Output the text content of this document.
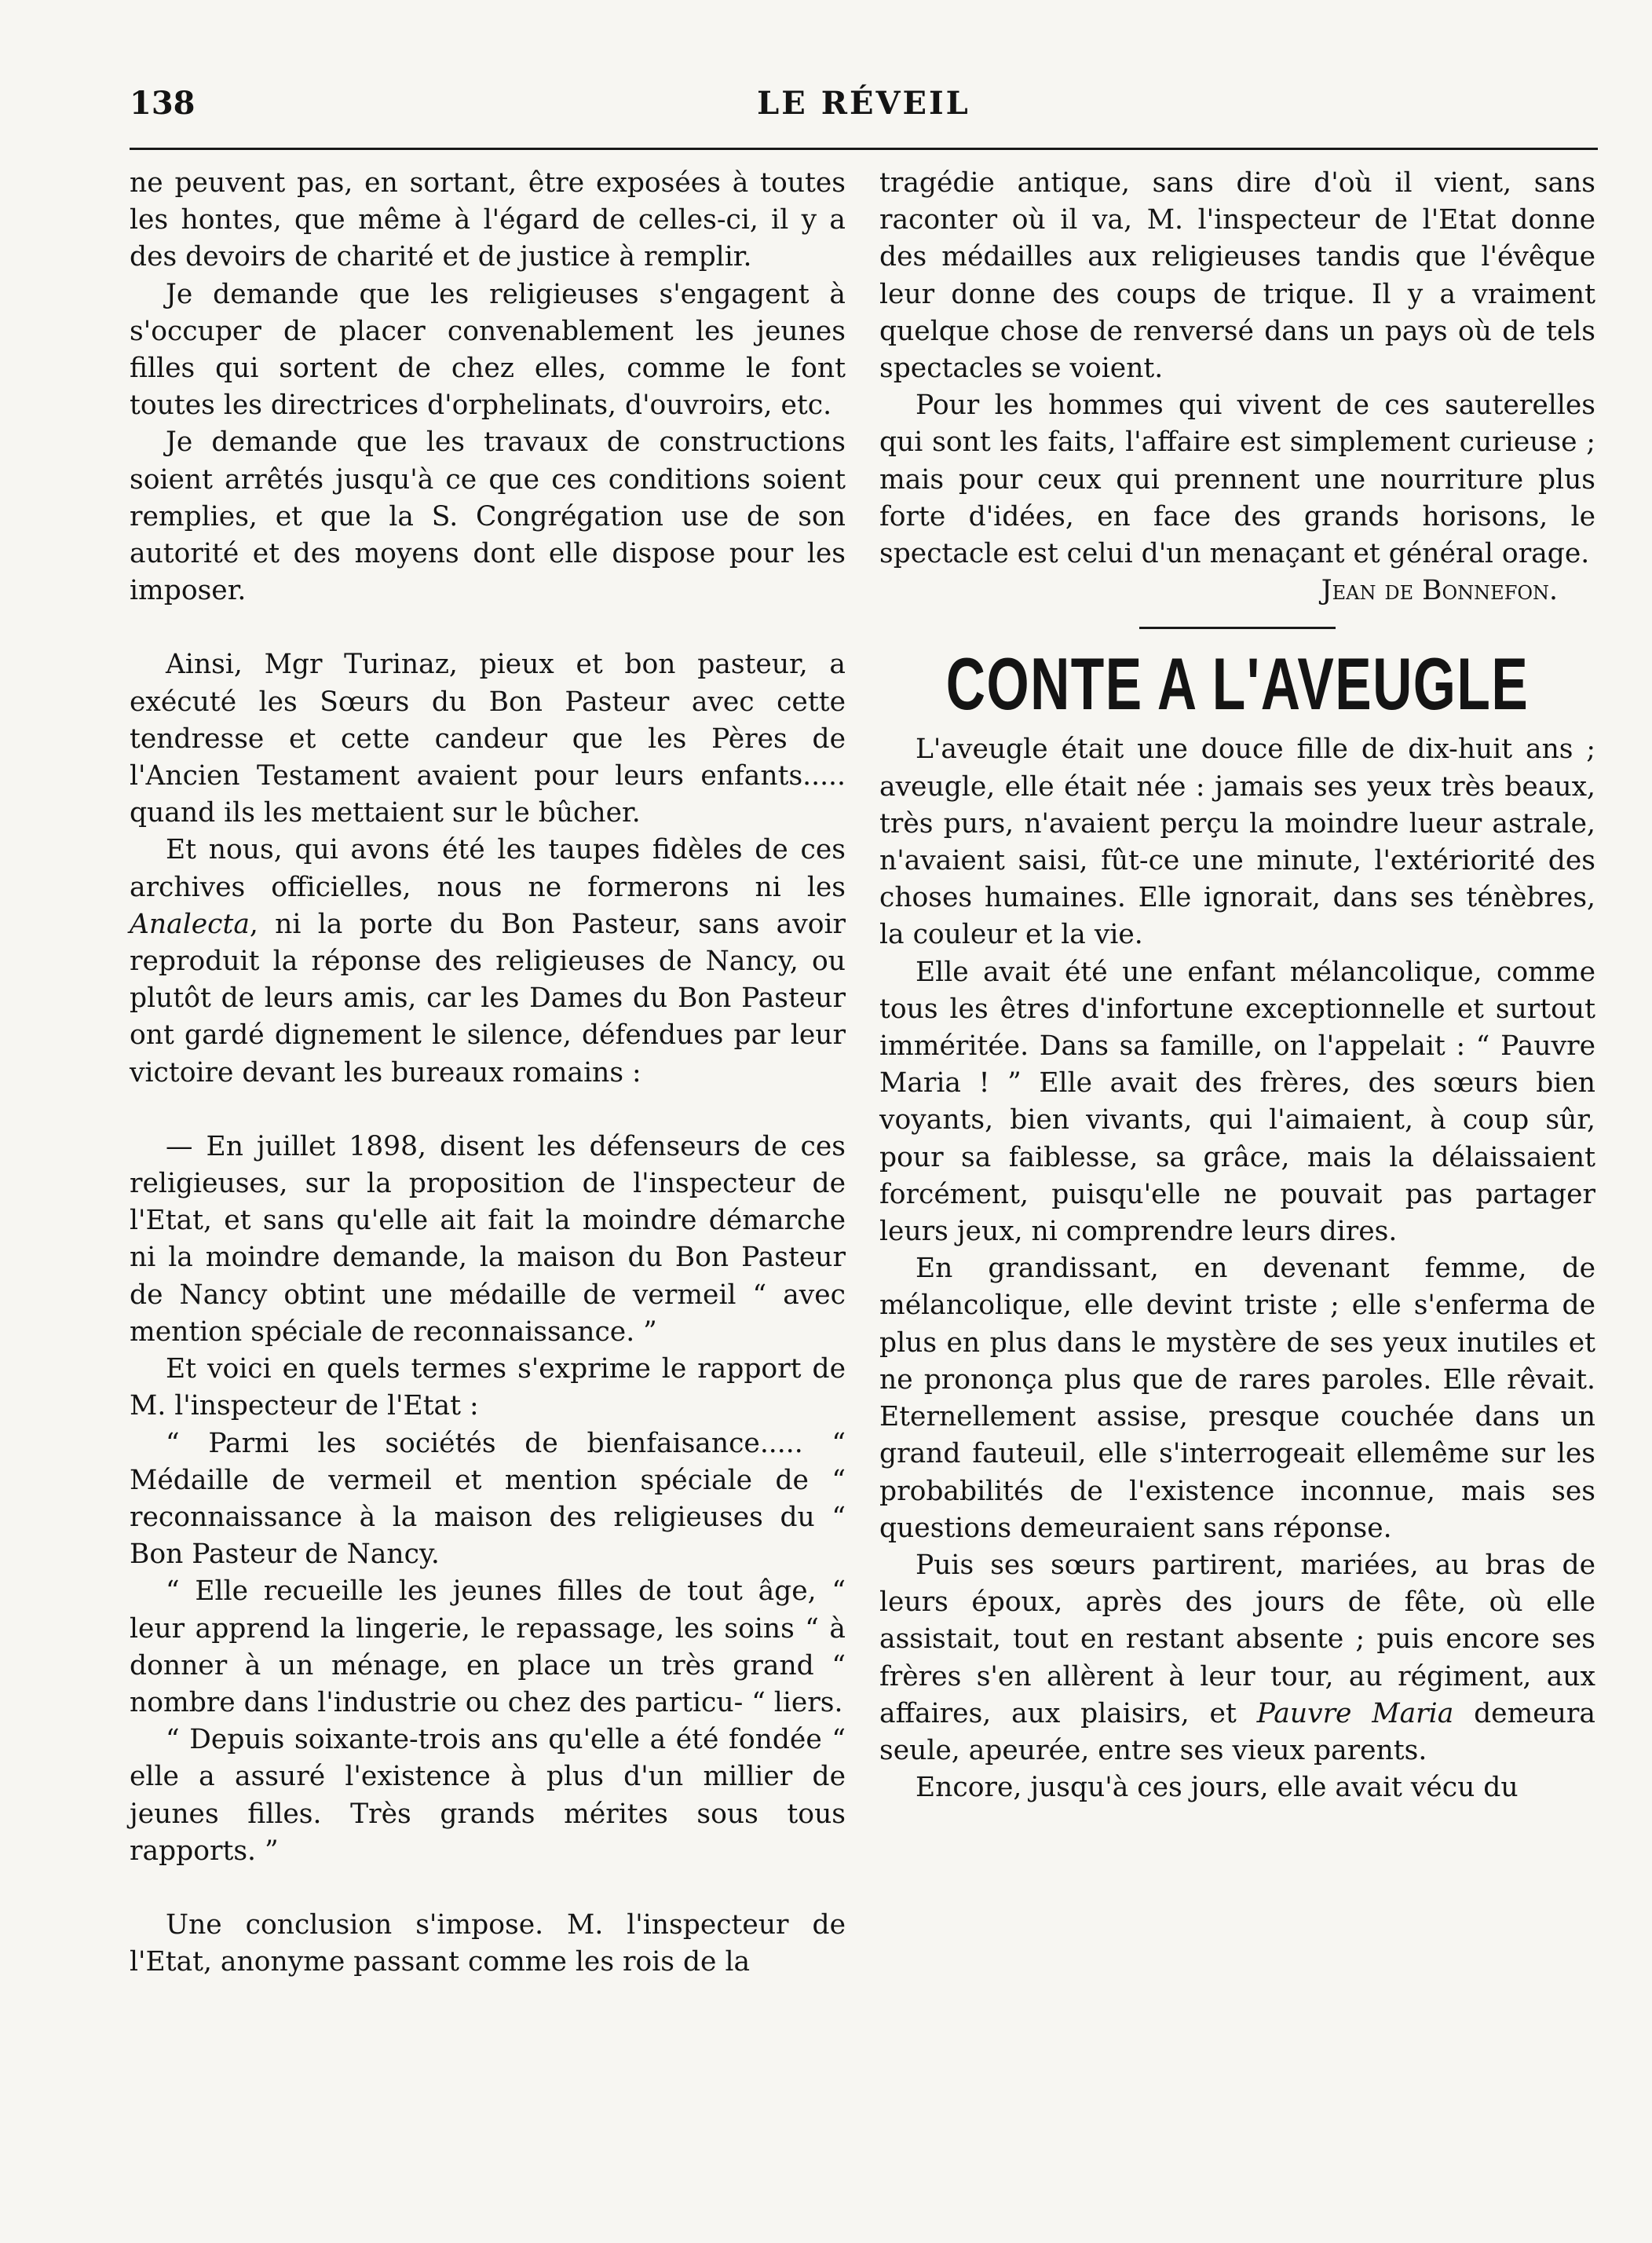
138	LE RÉVEIL

ne peuvent pas, en sortant, être exposées à toutes les hontes, que même à l'égard de celles-ci, il y a des devoirs de charité et de justice à remplir.

Je demande que les religieuses s'engagent à s'occuper de placer convenablement les jeunes filles qui sortent de chez elles, comme le font toutes les directrices d'orphelinats, d'ouvroirs, etc.

Je demande que les travaux de constructions soient arrêtés jusqu'à ce que ces conditions soient remplies, et que la S. Congrégation use de son autorité et des moyens dont elle dispose pour les imposer.

Ainsi, Mgr Turinaz, pieux et bon pasteur, a exécuté les Sœurs du Bon Pasteur avec cette tendresse et cette candeur que les Pères de l'Ancien Testament avaient pour leurs enfants..... quand ils les mettaient sur le bûcher.

Et nous, qui avons été les taupes fidèles de ces archives officielles, nous ne formerons ni les Analecta, ni la porte du Bon Pasteur, sans avoir reproduit la réponse des religieuses de Nancy, ou plutôt de leurs amis, car les Dames du Bon Pasteur ont gardé dignement le silence, défendues par leur victoire devant les bureaux romains :

— En juillet 1898, disent les défenseurs de ces religieuses, sur la proposition de l'inspecteur de l'Etat, et sans qu'elle ait fait la moindre démarche ni la moindre demande, la maison du Bon Pasteur de Nancy obtint une médaille de vermeil “ avec mention spéciale de reconnaissance. ”

Et voici en quels termes s'exprime le rapport de M. l'inspecteur de l'Etat :

“ Parmi les sociétés de bienfaisance..... “ Médaille de vermeil et mention spéciale de “ reconnaissance à la maison des religieuses du “ Bon Pasteur de Nancy.

“ Elle recueille les jeunes filles de tout âge, “ leur apprend la lingerie, le repassage, les soins “ à donner à un ménage, en place un très grand “ nombre dans l'industrie ou chez des particu- “ liers.

“ Depuis soixante-trois ans qu'elle a été fondée “ elle a assuré l'existence à plus d'un millier de jeunes filles. Très grands mérites sous tous rapports. ”

Une conclusion s'impose. M. l'inspecteur de l'Etat, anonyme passant comme les rois de la

tragédie antique, sans dire d'où il vient, sans raconter où il va, M. l'inspecteur de l'Etat donne des médailles aux religieuses tandis que l'évêque leur donne des coups de trique. Il y a vraiment quelque chose de renversé dans un pays où de tels spectacles se voient.

Pour les hommes qui vivent de ces sauterelles qui sont les faits, l'affaire est simplement curieuse ; mais pour ceux qui prennent une nourriture plus forte d'idées, en face des grands horisons, le spectacle est celui d'un menaçant et général orage.

Jean de Bonnefon.

CONTE A L'AVEUGLE

L'aveugle était une douce fille de dix-huit ans ; aveugle, elle était née : jamais ses yeux très beaux, très purs, n'avaient perçu la moindre lueur astrale, n'avaient saisi, fût-ce une minute, l'extériorité des choses humaines. Elle ignorait, dans ses ténèbres, la couleur et la vie.

Elle avait été une enfant mélancolique, comme tous les êtres d'infortune exceptionnelle et surtout imméritée. Dans sa famille, on l'appelait : “ Pauvre Maria ! ” Elle avait des frères, des sœurs bien voyants, bien vivants, qui l'aimaient, à coup sûr, pour sa faiblesse, sa grâce, mais la délaissaient forcément, puisqu'elle ne pouvait pas partager leurs jeux, ni comprendre leurs dires.

En grandissant, en devenant femme, de mélancolique, elle devint triste ; elle s'enferma de plus en plus dans le mystère de ses yeux inutiles et ne prononça plus que de rares paroles. Elle rêvait. Eternellement assise, presque couchée dans un grand fauteuil, elle s'interrogeait ellemême sur les probabilités de l'existence inconnue, mais ses questions demeuraient sans réponse.

Puis ses sœurs partirent, mariées, au bras de leurs époux, après des jours de fête, où elle assistait, tout en restant absente ; puis encore ses frères s'en allèrent à leur tour, au régiment, aux affaires, aux plaisirs, et Pauvre Maria demeura seule, apeurée, entre ses vieux parents.

Encore, jusqu'à ces jours, elle avait vécu du
